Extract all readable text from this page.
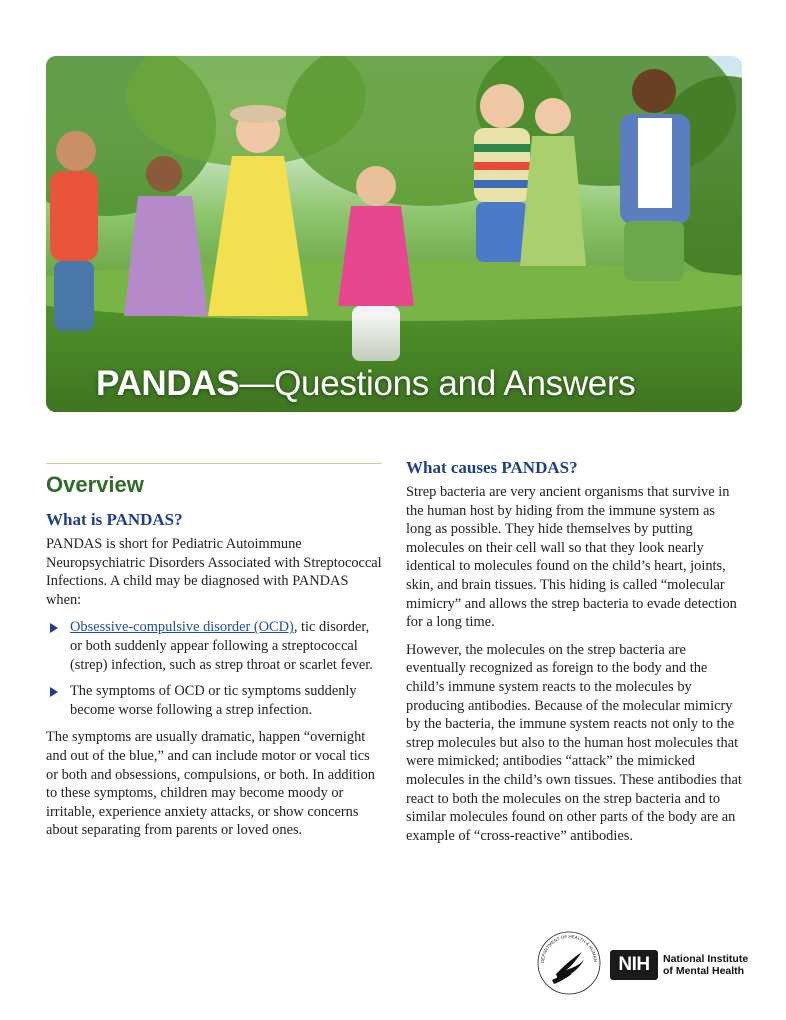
PANDAS—Questions and Answers
Overview
What is PANDAS?

PANDAS is short for Pediatric Autoimmune Neuropsychiatric Disorders Associated with Streptococcal Infections. A child may be diagnosed with PANDAS when:

Obsessive-compulsive disorder (OCD), tic disorder, or both suddenly appear following a streptococcal (strep) infection, such as strep throat or scarlet fever.
The symptoms of OCD or tic symptoms suddenly become worse following a strep infection.

The symptoms are usually dramatic, happen “overnight and out of the blue,” and can include motor or vocal tics or both and obsessions, compulsions, or both. In addition to these symptoms, children may become moody or irritable, experience anxiety attacks, or show concerns about separating from parents or loved ones.

What causes PANDAS?

Strep bacteria are very ancient organisms that survive in the human host by hiding from the immune system as long as possible. They hide themselves by putting molecules on their cell wall so that they look nearly identical to molecules found on the child’s heart, joints, skin, and brain tissues. This hiding is called “molecular mimicry” and allows the strep bacteria to evade detection for a long time.

However, the molecules on the strep bacteria are eventually recognized as foreign to the body and the child’s immune system reacts to the molecules by producing antibodies. Because of the molecular mimicry by the bacteria, the immune system reacts not only to the strep molecules but also to the human host molecules that were mimicked; antibodies “attack” the mimicked molecules in the child’s own tissues. These antibodies that react to both the molecules on the strep bacteria and to similar molecules found on other parts of the body are an example of “cross-reactive” antibodies.

DEPARTMENT OF HEALTH & HUMAN	NIH	National Institute
of Mental Health
